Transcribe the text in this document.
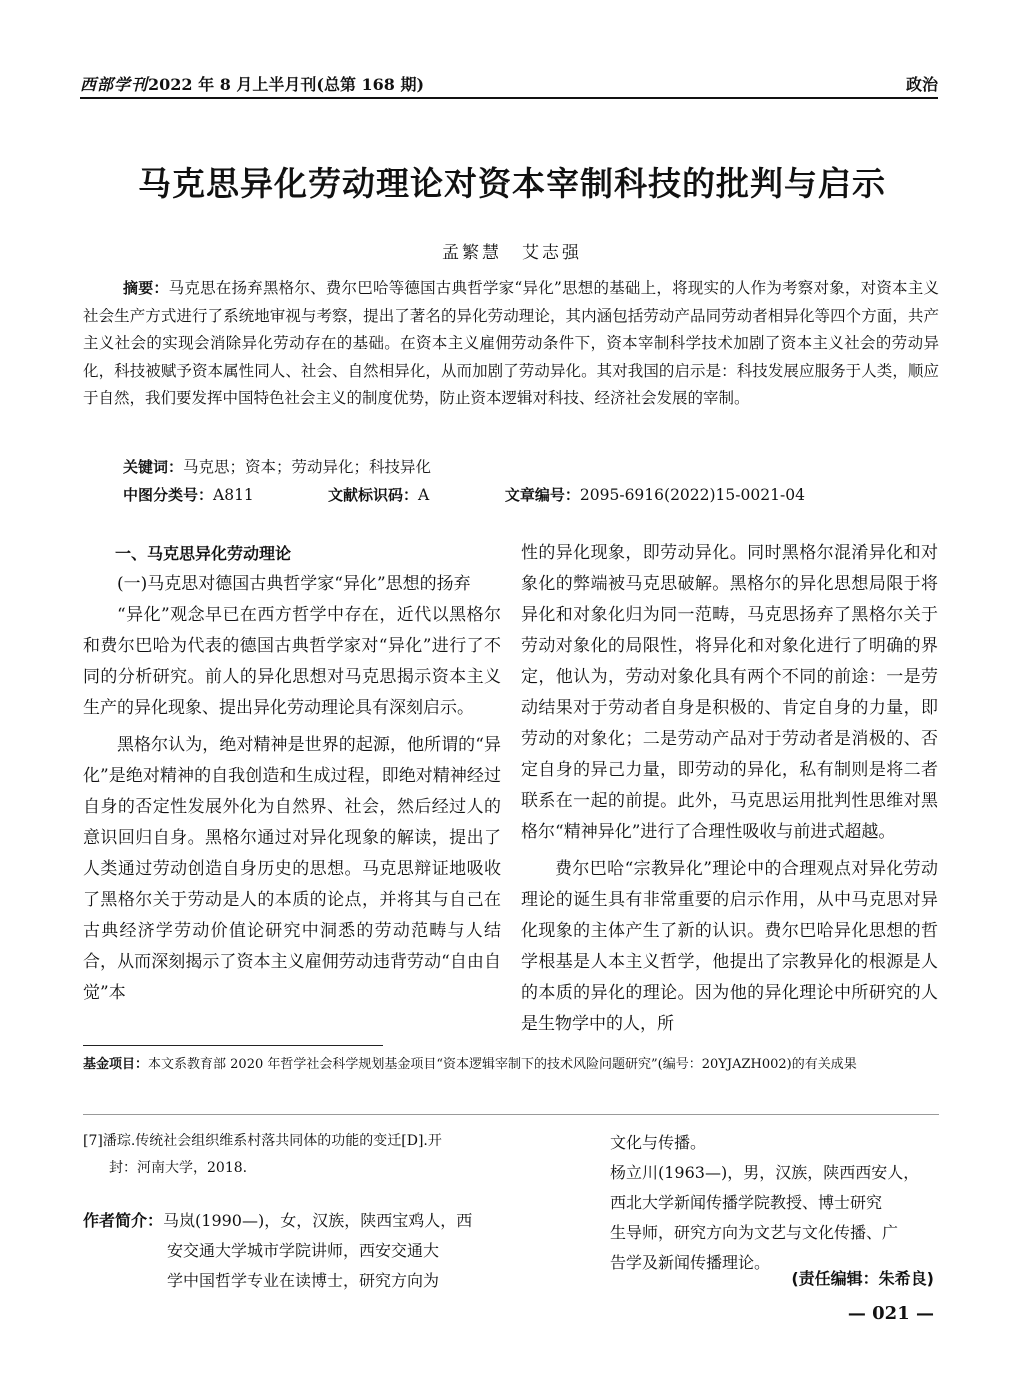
西部学刊2022 年 8 月上半月刊(总第 168 期)	政治
马克思异化劳动理论对资本宰制科技的批判与启示
孟繁慧　艾志强
摘要：马克思在扬弃黑格尔、费尔巴哈等德国古典哲学家“异化”思想的基础上，将现实的人作为考察对象，对资本主义社会生产方式进行了系统地审视与考察，提出了著名的异化劳动理论，其内涵包括劳动产品同劳动者相异化等四个方面，共产主义社会的实现会消除异化劳动存在的基础。在资本主义雇佣劳动条件下，资本宰制科学技术加剧了资本主义社会的劳动异化，科技被赋予资本属性同人、社会、自然相异化，从而加剧了劳动异化。其对我国的启示是：科技发展应服务于人类，顺应于自然，我们要发挥中国特色社会主义的制度优势，防止资本逻辑对科技、经济社会发展的宰制。
关键词：马克思；资本；劳动异化；科技异化
中图分类号：A811	文献标识码：A	文章编号：2095-6916(2022)15-0021-04

一、马克思异化劳动理论

(一)马克思对德国古典哲学家“异化”思想的扬弃

“异化”观念早已在西方哲学中存在，近代以黑格尔和费尔巴哈为代表的德国古典哲学家对“异化”进行了不同的分析研究。前人的异化思想对马克思揭示资本主义生产的异化现象、提出异化劳动理论具有深刻启示。

黑格尔认为，绝对精神是世界的起源，他所谓的“异化”是绝对精神的自我创造和生成过程，即绝对精神经过自身的否定性发展外化为自然界、社会，然后经过人的意识回归自身。黑格尔通过对异化现象的解读，提出了人类通过劳动创造自身历史的思想。马克思辩证地吸收了黑格尔关于劳动是人的本质的论点，并将其与自己在古典经济学劳动价值论研究中洞悉的劳动范畴与人结合，从而深刻揭示了资本主义雇佣劳动违背劳动“自由自觉”本

性的异化现象，即劳动异化。同时黑格尔混淆异化和对象化的弊端被马克思破解。黑格尔的异化思想局限于将异化和对象化归为同一范畴，马克思扬弃了黑格尔关于劳动对象化的局限性，将异化和对象化进行了明确的界定，他认为，劳动对象化具有两个不同的前途：一是劳动结果对于劳动者自身是积极的、肯定自身的力量，即劳动的对象化；二是劳动产品对于劳动者是消极的、否定自身的异己力量，即劳动的异化，私有制则是将二者联系在一起的前提。此外，马克思运用批判性思维对黑格尔“精神异化”进行了合理性吸收与前进式超越。

费尔巴哈“宗教异化”理论中的合理观点对异化劳动理论的诞生具有非常重要的启示作用，从中马克思对异化现象的主体产生了新的认识。费尔巴哈异化思想的哲学根基是人本主义哲学，他提出了宗教异化的根源是人的本质的异化的理论。因为他的异化理论中所研究的人是生物学中的人，所

基金项目：本文系教育部 2020 年哲学社会科学规划基金项目“资本逻辑宰制下的技术风险问题研究”(编号：20YJAZH002)的有关成果
[7]潘琮.传统社会组织维系村落共同体的功能的变迁[D].开
封：河南大学，2018.
作者简介：马岚(1990—)，女，汉族，陕西宝鸡人，西
安交通大学城市学院讲师，西安交通大
学中国哲学专业在读博士，研究方向为
文化与传播。
杨立川(1963—)，男，汉族，陕西西安人，
西北大学新闻传播学院教授、博士研究
生导师，研究方向为文艺与文化传播、广
告学及新闻传播理论。
(责任编辑：朱希良)
— 021 —
